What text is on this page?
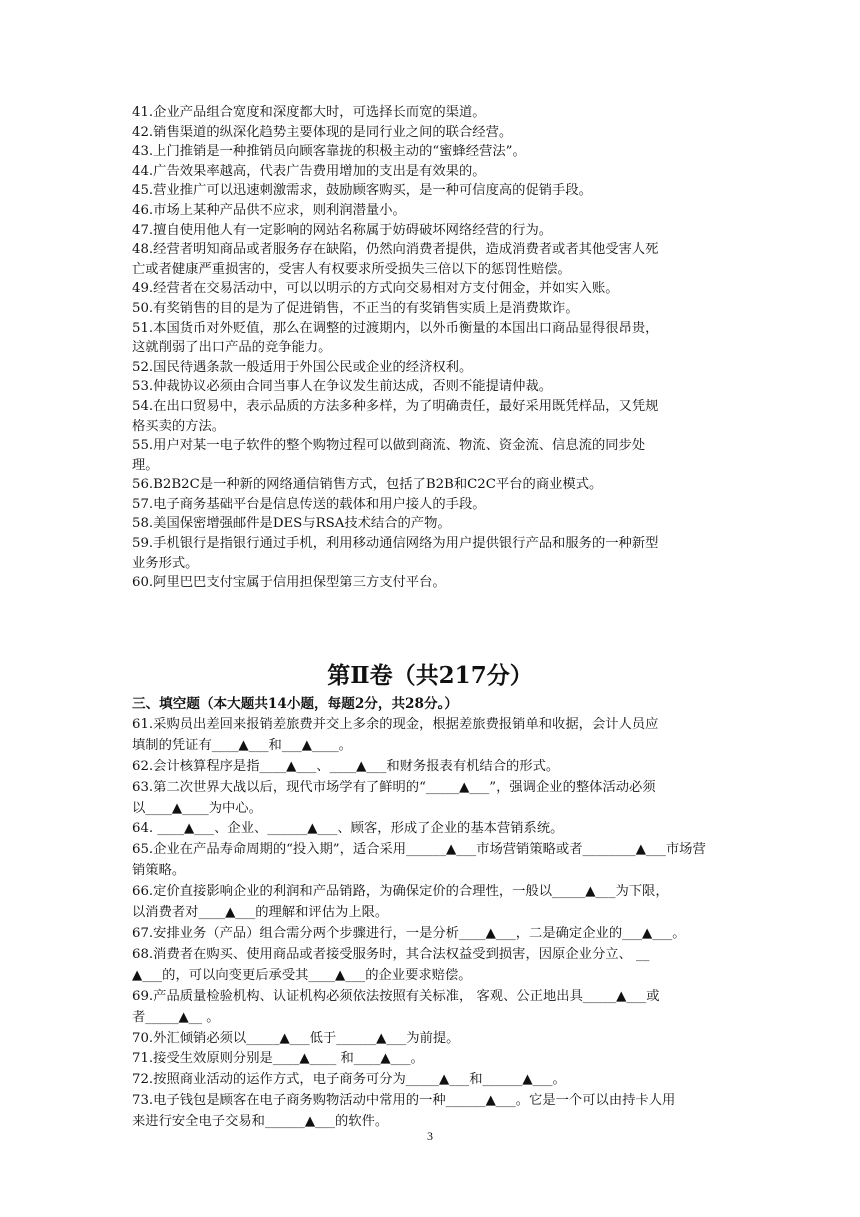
41.企业产品组合宽度和深度都大时，可选择长而宽的渠道。
42.销售渠道的纵深化趋势主要体现的是同行业之间的联合经营。
43.上门推销是一种推销员向顾客靠拢的积极主动的“蜜蜂经营法”。
44.广告效果率越高，代表广告费用增加的支出是有效果的。
45.营业推广可以迅速刺激需求，鼓励顾客购买，是一种可信度高的促销手段。
46.市场上某种产品供不应求，则利润潜量小。
47.擅自使用他人有一定影响的网站名称属于妨碍破坏网络经营的行为。
48.经营者明知商品或者服务存在缺陷，仍然向消费者提供，造成消费者或者其他受害人死
亡或者健康严重损害的，受害人有权要求所受损失三倍以下的惩罚性赔偿。
49.经营者在交易活动中，可以以明示的方式向交易相对方支付佣金，并如实入账。
50.有奖销售的目的是为了促进销售，不正当的有奖销售实质上是消费欺诈。
51.本国货币对外贬值，那么在调整的过渡期内，以外币衡量的本国出口商品显得很昂贵，
这就削弱了出口产品的竞争能力。
52.国民待遇条款一般适用于外国公民或企业的经济权利。
53.仲裁协议必须由合同当事人在争议发生前达成，否则不能提请仲裁。
54.在出口贸易中，表示品质的方法多种多样，为了明确责任，最好采用既凭样品，又凭规
格买卖的方法。
55.用户对某一电子软件的整个购物过程可以做到商流、物流、资金流、信息流的同步处
理。
56.B2B2C是一种新的网络通信销售方式，包括了B2B和C2C平台的商业模式。
57.电子商务基础平台是信息传送的载体和用户接人的手段。
58.美国保密增强邮件是DES与RSA技术结合的产物。
59.手机银行是指银行通过手机，利用移动通信网络为用户提供银行产品和服务的一种新型
业务形式。
60.阿里巴巴支付宝属于信用担保型第三方支付平台。
第Ⅱ卷（共217分）
三、填空题（本大题共14小题，每题2分，共28分。）
61.采购员出差回来报销差旅费并交上多余的现金，根据差旅费报销单和收据，会计人员应
填制的凭证有____▲___和___▲____。
62.会计核算程序是指____▲___、____▲___和财务报表有机结合的形式。
63.第二次世界大战以后，现代市场学有了鲜明的“_____▲___”，强调企业的整体活动必须
以____▲____为中心。
64. ____▲___、企业、______▲___、顾客，形成了企业的基本营销系统。
65.企业在产品寿命周期的“投入期”，适合采用______▲___市场营销策略或者________▲___市场营
销策略。
66.定价直接影响企业的利润和产品销路，为确保定价的合理性，一般以_____▲___为下限，
以消费者对____▲___的理解和评估为上限。
67.安排业务（产品）组合需分两个步骤进行，一是分析____▲___，二是确定企业的___▲___。
68.消费者在购买、使用商品或者接受服务时，其合法权益受到损害，因原企业分立、 __
▲___的，可以向变更后承受其____▲___的企业要求赔偿。
69.产品质量检验机构、认证机构必须依法按照有关标准， 客观、公正地出具_____▲___或
者_____▲__ 。
70.外汇倾销必须以_____▲___低于______▲___为前提。
71.接受生效原则分别是____▲____ 和____▲___。
72.按照商业活动的运作方式，电子商务可分为_____▲___和______▲___。
73.电子钱包是顾客在电子商务购物活动中常用的一种______▲___。它是一个可以由持卡人用
来进行安全电子交易和______▲___的软件。
3
